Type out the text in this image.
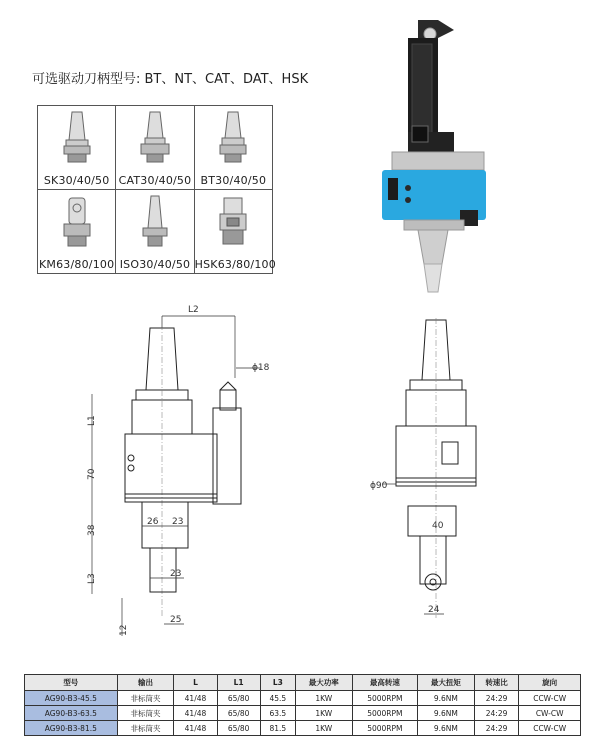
可选驱动刀柄型号: BT、NT、CAT、DAT、HSK
SK30/40/50	CAT30/40/50	BT30/40/50

KM63/80/100	ISO30/40/50	HSK63/80/100
L2
ϕ18
L1
70
38
L3
12
26 23
23
25
ϕ90
40
24
型号	输出	L	L1	L3	最大功率	最高转速	最大扭矩	转速比	旋向
AG90-B3-45.5	非标筒夹	41/48	65/80	45.5	1KW	5000RPM	9.6NM	24:29	CCW-CW
AG90-B3-63.5	非标筒夹	41/48	65/80	63.5	1KW	5000RPM	9.6NM	24:29	CW-CW
AG90-B3-81.5	非标筒夹	41/48	65/80	81.5	1KW	5000RPM	9.6NM	24:29	CCW-CW
